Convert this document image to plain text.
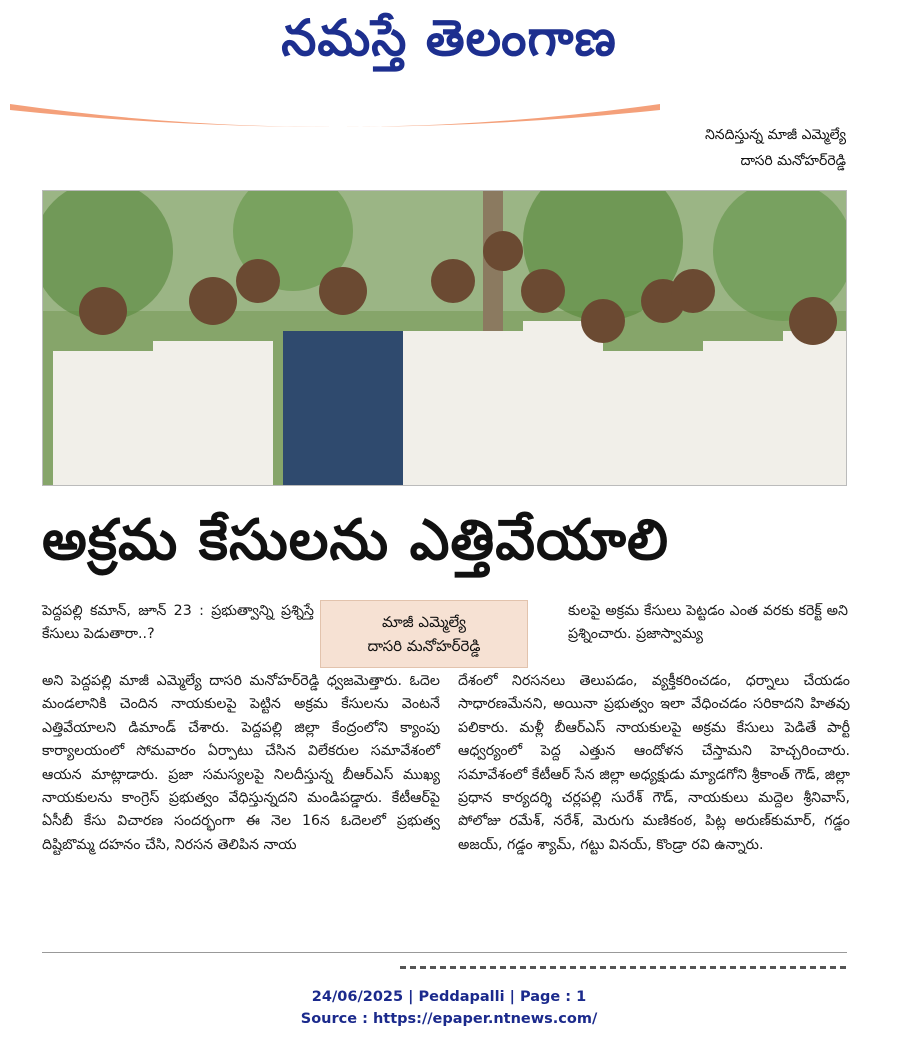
నమస్తే తెలంగాణ
నినదిస్తున్న మాజీ ఎమ్మెల్యే
దాసరి మనోహర్‌రెడ్డి
అక్రమ కేసులను ఎత్తివేయాలి
పెద్దపల్లి కమాన్‌, జూన్‌ 23 : ప్రభుత్వాన్ని ప్రశ్నిస్తే కేసులు పెడుతారా..?
మాజీ ఎమ్మెల్యే
దాసరి మనోహర్‌రెడ్డి
కులపై అక్రమ కేసులు పెట్టడం ఎంత వరకు కరెక్ట్‌ అని ప్రశ్నించారు. ప్రజాస్వామ్య
అని పెద్దపల్లి మాజీ ఎమ్మెల్యే దాసరి మనోహర్‌రెడ్డి ధ్వజమెత్తారు. ఓదెల మండలానికి చెందిన నాయకులపై పెట్టిన అక్రమ కేసులను వెంటనే ఎత్తివేయాలని డిమాండ్‌ చేశారు. పెద్దపల్లి జిల్లా కేంద్రంలోని క్యాంపు కార్యాలయంలో సోమవారం ఏర్పాటు చేసిన విలేకరుల సమావేశంలో ఆయన మాట్లాడారు. ప్రజా సమస్యలపై నిలదీస్తున్న బీఆర్‌ఎస్‌ ముఖ్య నాయకులను కాంగ్రెస్‌ ప్రభుత్వం వేధిస్తున్నదని మండిపడ్డారు. కేటీఆర్‌పై ఏసీబీ కేసు విచారణ సందర్భంగా ఈ నెల 16న ఓదెలలో ప్రభుత్వ దిష్టిబొమ్మ దహనం చేసి, నిరసన తెలిపిన నాయ
దేశంలో నిరసనలు తెలుపడం, వ్యక్తీకరించడం, ధర్నాలు చేయడం సాధారణమేనని, అయినా ప్రభుత్వం ఇలా వేధించడం సరికాదని హితవు పలికారు. మళ్లీ బీఆర్‌ఎస్‌ నాయకులపై అక్రమ కేసులు పెడితే పార్టీ ఆధ్వర్యంలో పెద్ద ఎత్తున ఆందోళన చేస్తామని హెచ్చరించారు. సమావేశంలో కేటీఆర్‌ సేన జిల్లా అధ్యక్షుడు మ్యాడగోని శ్రీకాంత్‌ గౌడ్‌, జిల్లా ప్రధాన కార్యదర్శి చర్లపల్లి సురేశ్‌ గౌడ్‌, నాయకులు మద్దెల శ్రీనివాస్‌, పోలోజు రమేశ్‌, నరేశ్‌, మెరుగు మణికంఠ, పిట్ల అరుణ్‌కుమార్‌, గడ్డం అజయ్‌, గడ్డం శ్యామ్‌, గట్టు వినయ్‌, కొండ్రా రవి ఉన్నారు.
24/06/2025 | Peddapalli | Page : 1
Source : https://epaper.ntnews.com/
